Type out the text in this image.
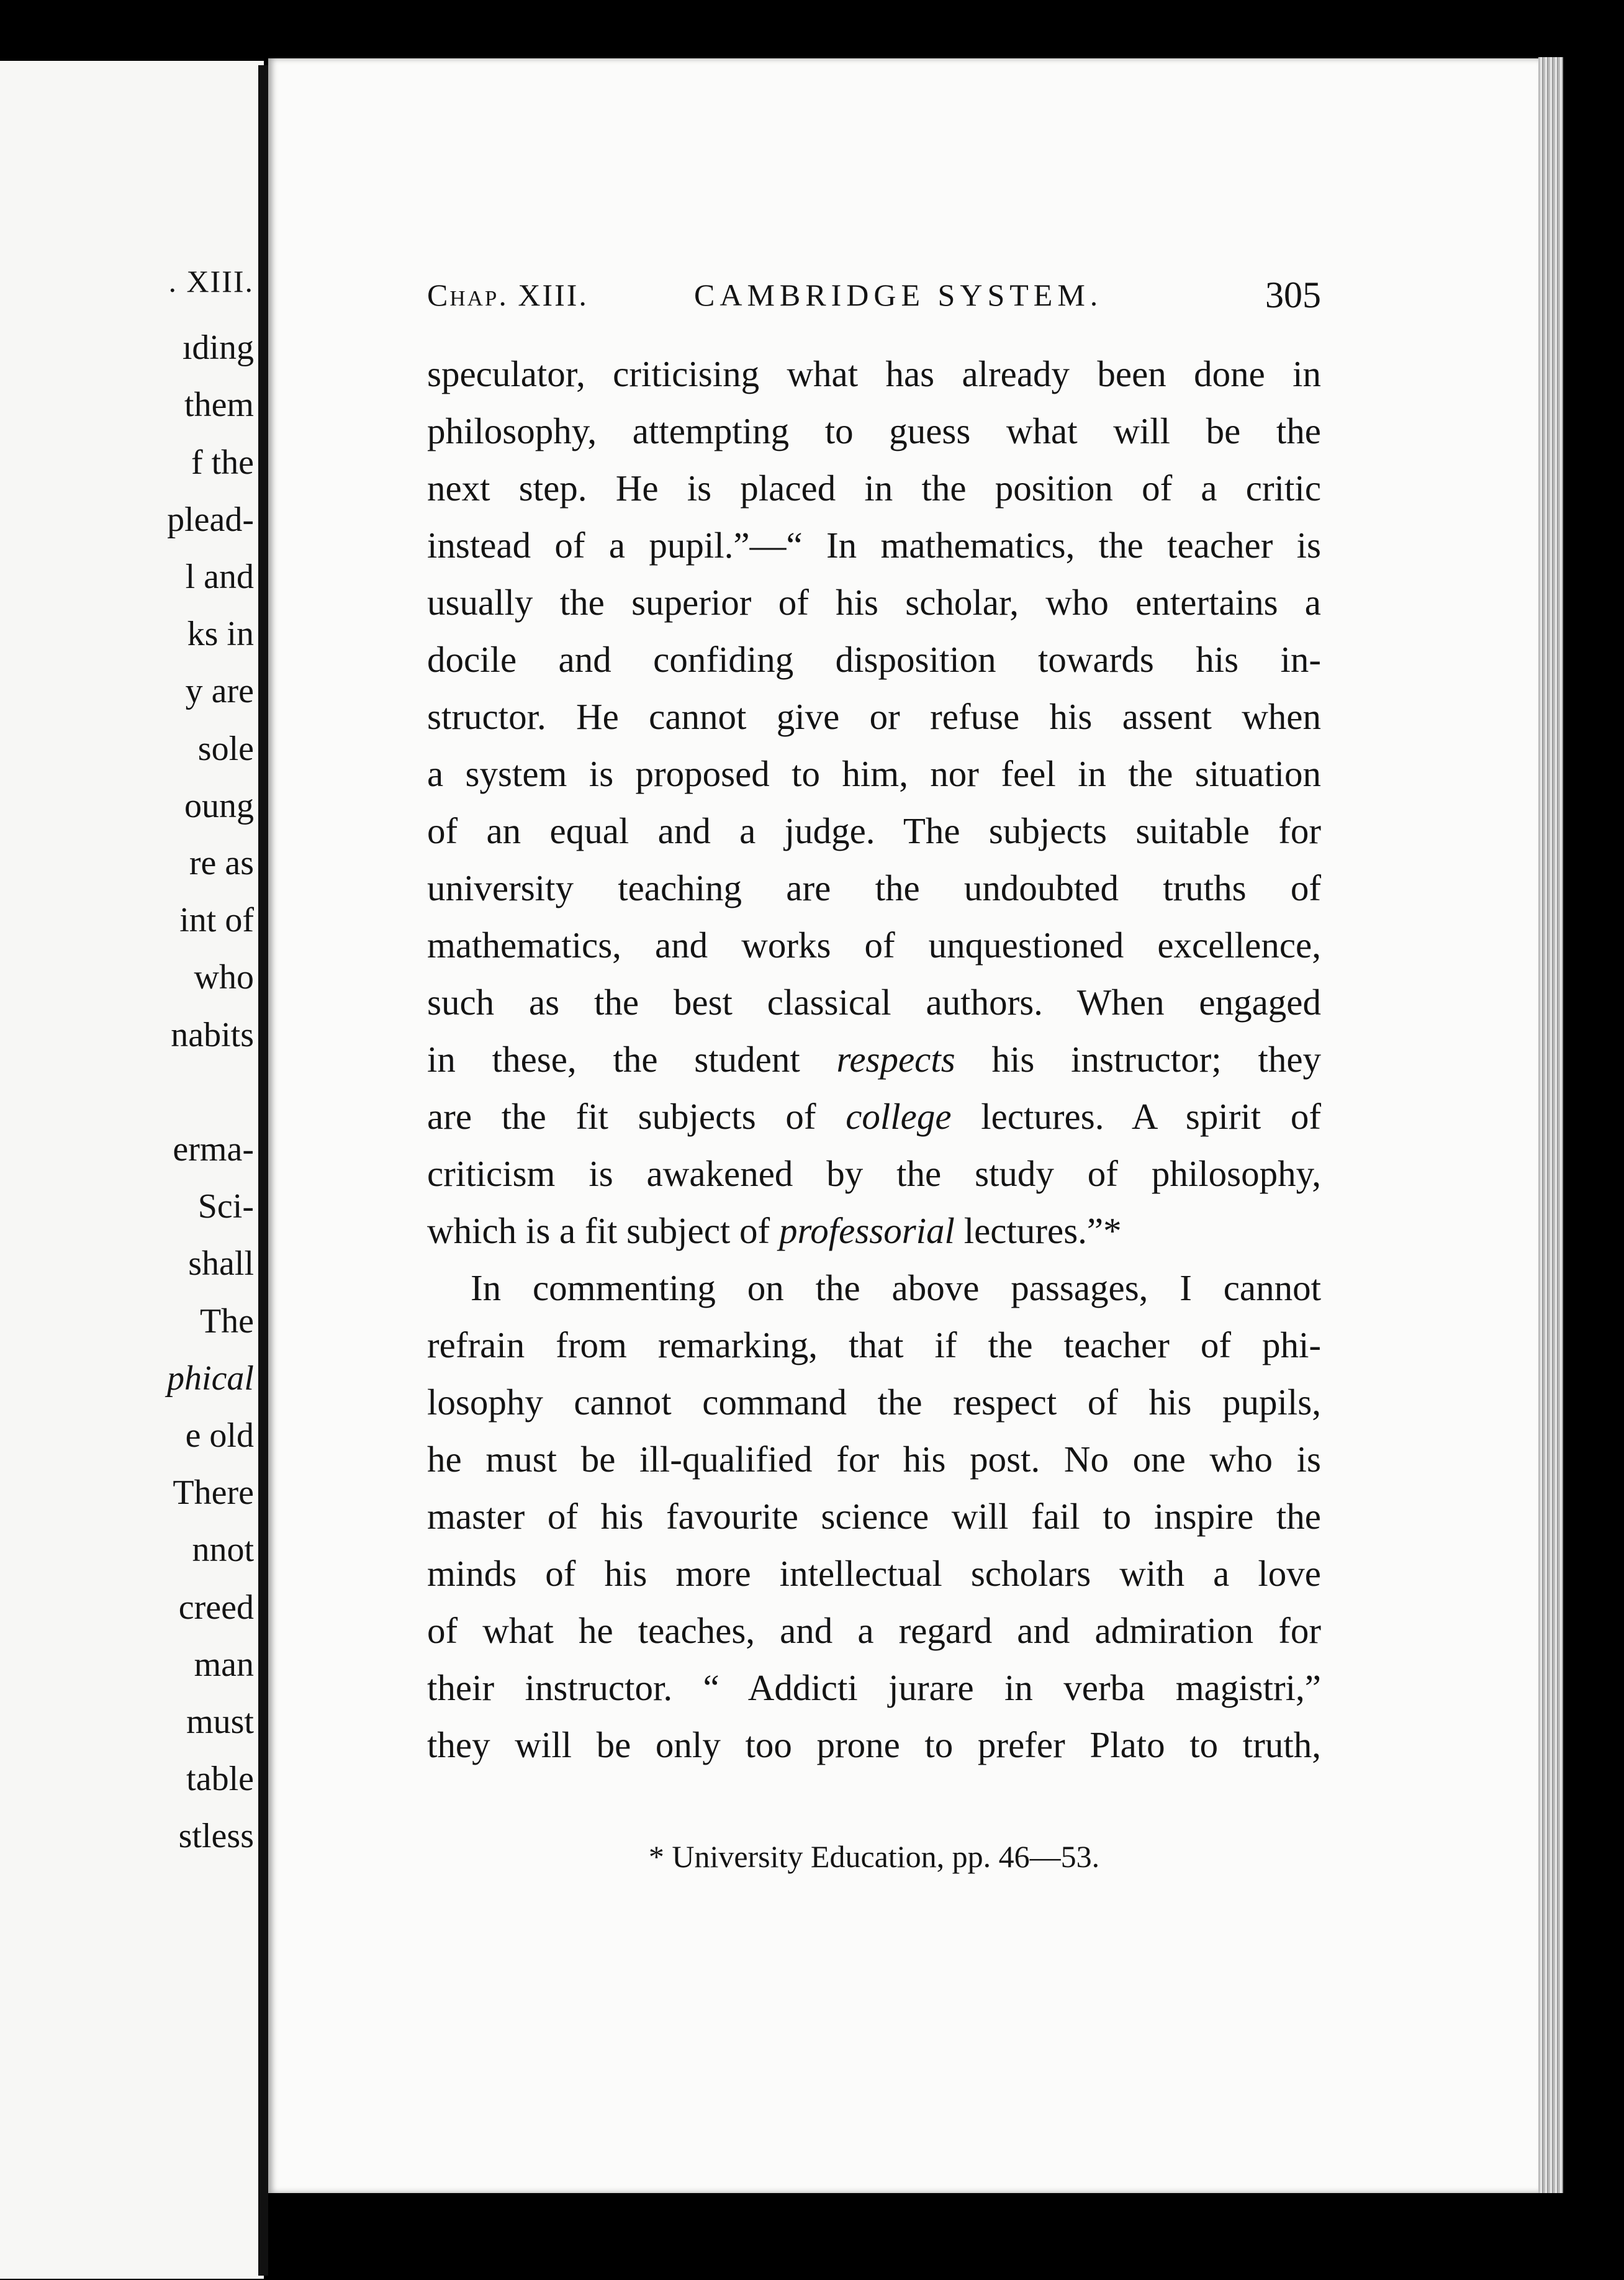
. XIII.
ıding
them
f the
plead-
l and
ks in
y are
sole
oung
re as
int of
who
nabits
erma-
Sci-
shall
The
phical
e old
There
nnot
creed
man
must
table
stless
Chap. XIII.	CAMBRIDGE SYSTEM.	305
speculator, criticising what has already been done in
philosophy, attempting to guess what will be the
next step. He is placed in the position of a critic
instead of a pupil.”—“ In mathematics, the teacher is
usually the superior of his scholar, who entertains a
docile and confiding disposition towards his in-
structor. He cannot give or refuse his assent when
a system is proposed to him, nor feel in the situation
of an equal and a judge. The subjects suitable for
university teaching are the undoubted truths of
mathematics, and works of unquestioned excellence,
such as the best classical authors. When engaged
in these, the student respects his instructor; they
are the fit subjects of college lectures. A spirit of
criticism is awakened by the study of philosophy,
which is a fit subject of professorial lectures.”*
In commenting on the above passages, I cannot
refrain from remarking, that if the teacher of phi-
losophy cannot command the respect of his pupils,
he must be ill-qualified for his post. No one who is
master of his favourite science will fail to inspire the
minds of his more intellectual scholars with a love
of what he teaches, and a regard and admiration for
their instructor. “ Addicti jurare in verba magistri,”
they will be only too prone to prefer Plato to truth,
* University Education, pp. 46—53.
